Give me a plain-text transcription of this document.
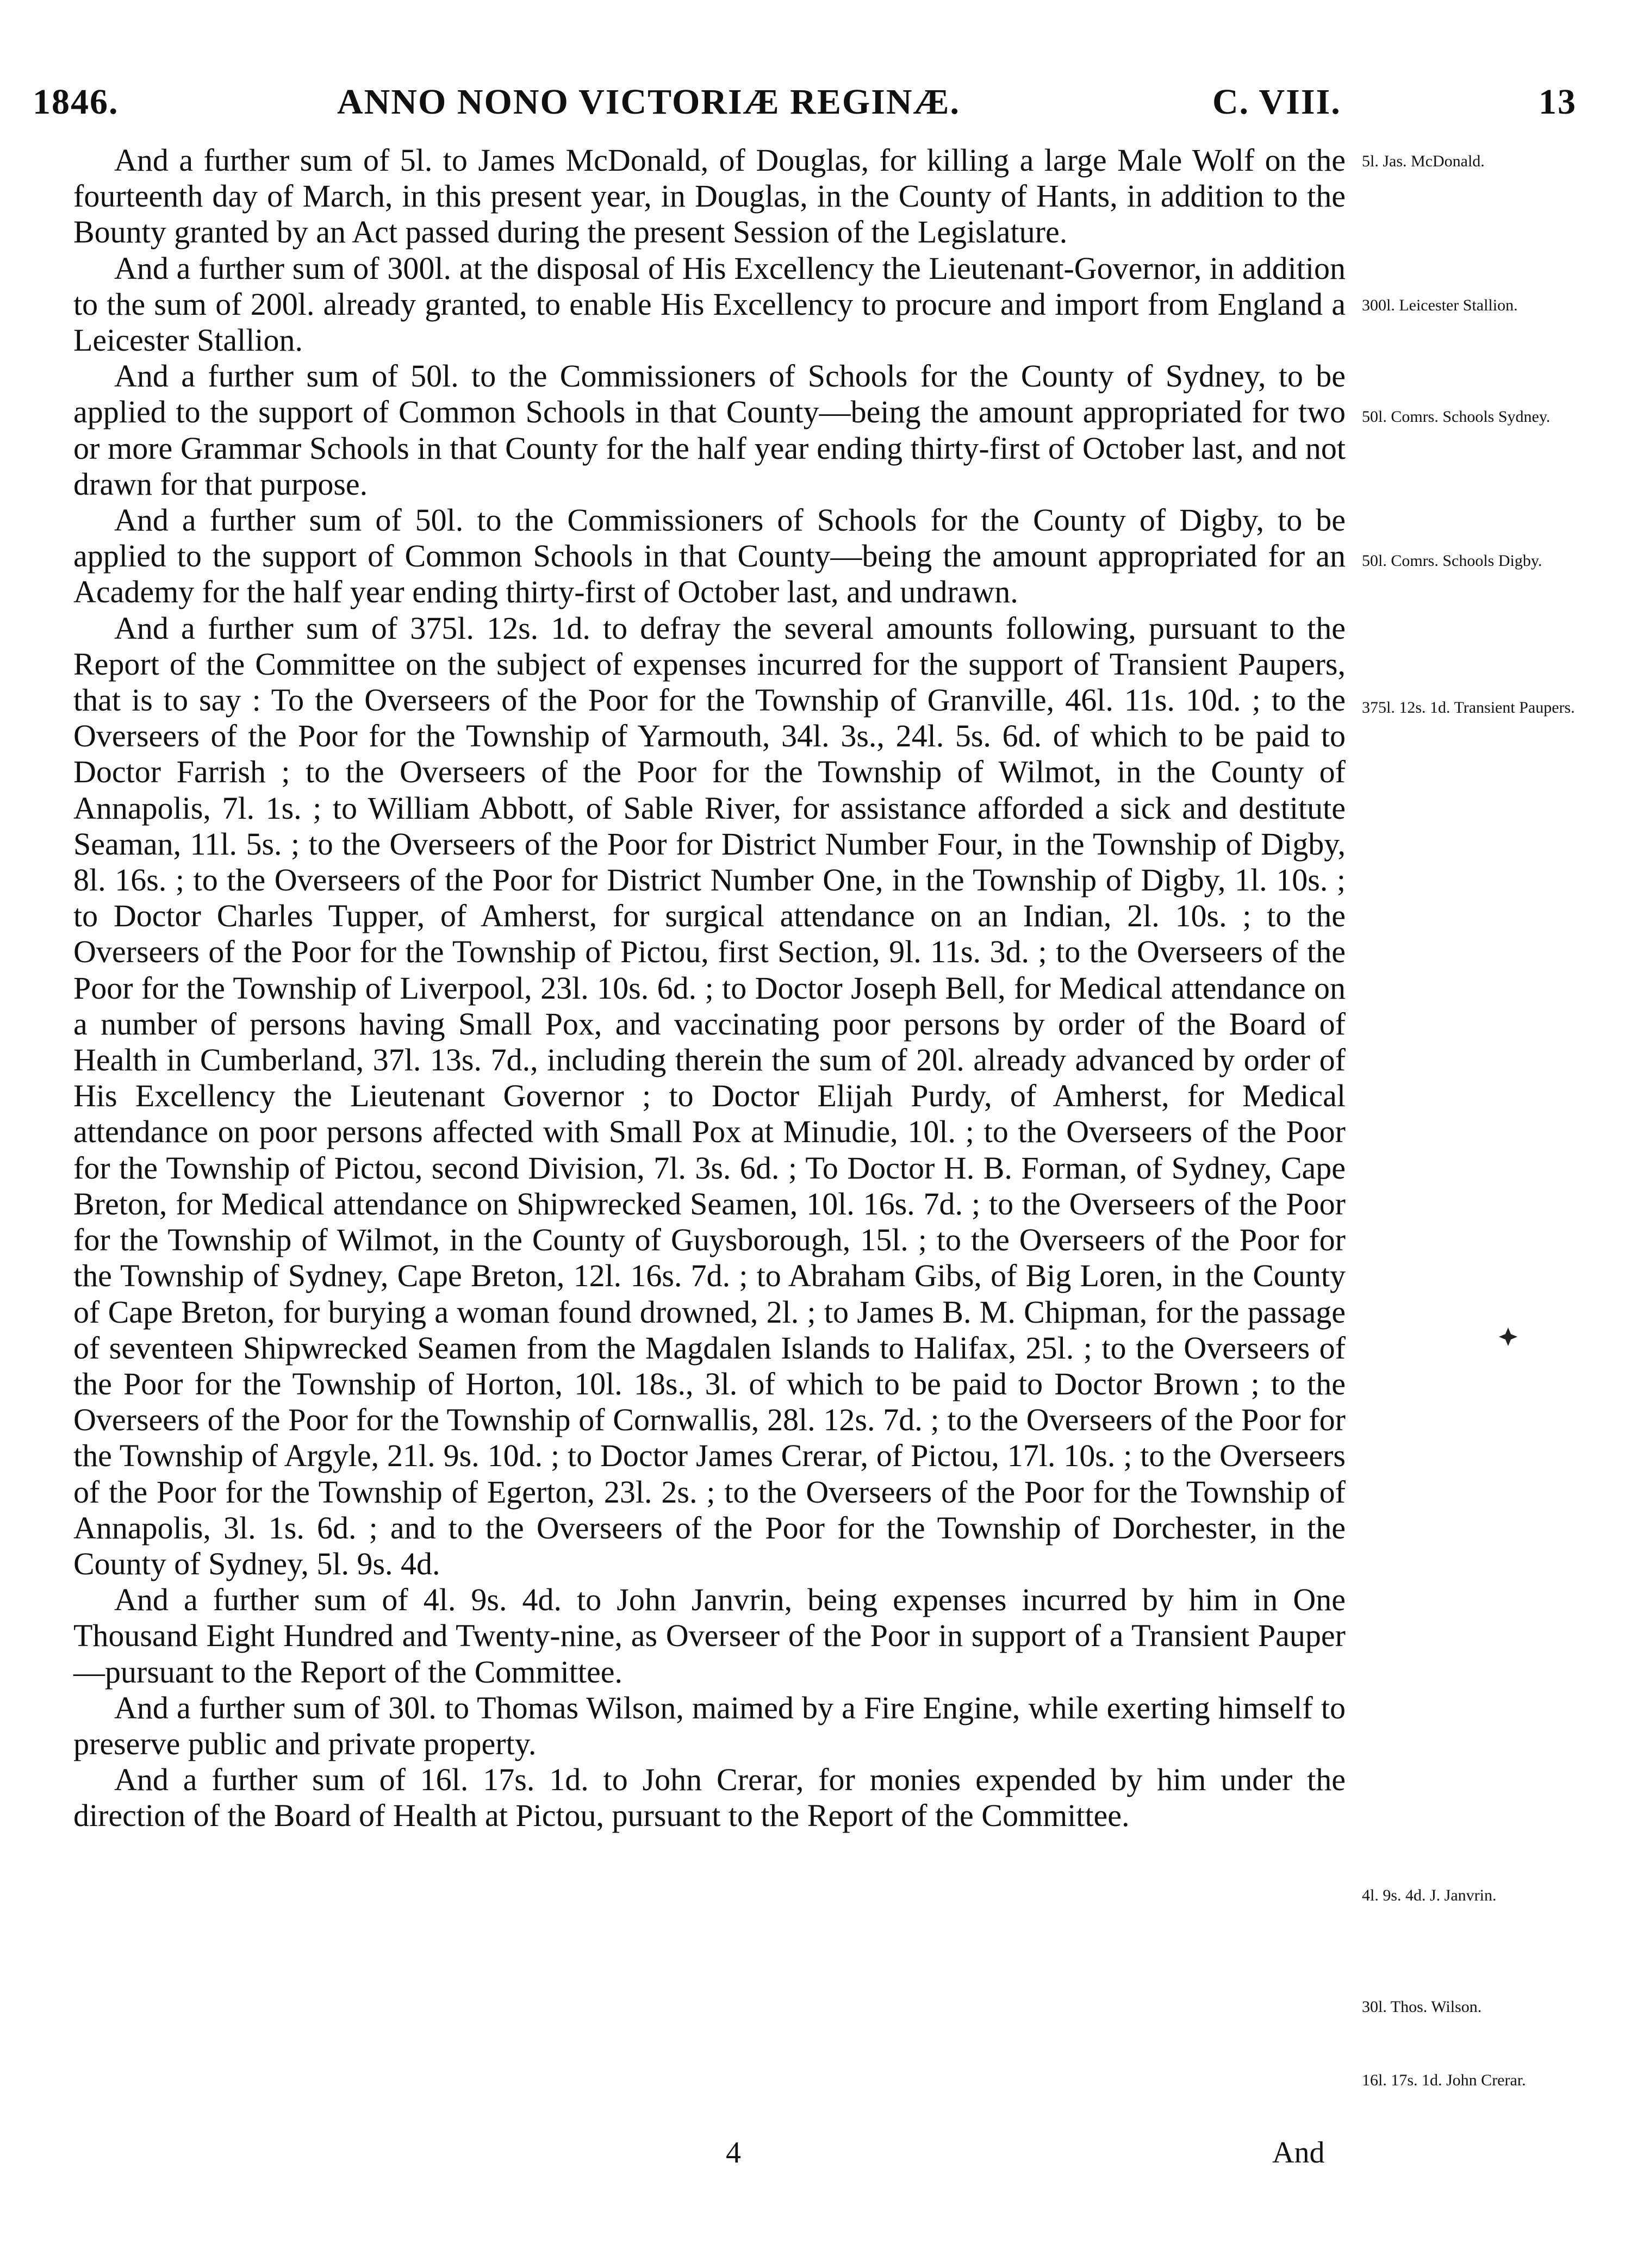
1846.	ANNO NONO VICTORIÆ REGINÆ.	C. VIII.	13

And a further sum of 5l. to James McDonald, of Douglas, for killing a large Male Wolf on the fourteenth day of March, in this present year, in Douglas, in the County of Hants, in addition to the Bounty granted by an Act passed during the present Session of the Legislature.

And a further sum of 300l. at the disposal of His Excellency the Lieutenant-Governor, in addition to the sum of 200l. already granted, to enable His Excellency to procure and import from England a Leicester Stallion.

And a further sum of 50l. to the Commissioners of Schools for the County of Sydney, to be applied to the support of Common Schools in that County—being the amount appropriated for two or more Grammar Schools in that County for the half year ending thirty-first of October last, and not drawn for that purpose.

And a further sum of 50l. to the Commissioners of Schools for the County of Digby, to be applied to the support of Common Schools in that County—being the amount appropriated for an Academy for the half year ending thirty-first of October last, and undrawn.

And a further sum of 375l. 12s. 1d. to defray the several amounts following, pursuant to the Report of the Committee on the subject of expenses incurred for the support of Transient Paupers, that is to say : To the Overseers of the Poor for the Township of Granville, 46l. 11s. 10d. ; to the Overseers of the Poor for the Township of Yarmouth, 34l. 3s., 24l. 5s. 6d. of which to be paid to Doctor Farrish ; to the Overseers of the Poor for the Township of Wilmot, in the County of Annapolis, 7l. 1s. ; to William Abbott, of Sable River, for assistance afforded a sick and destitute Seaman, 11l. 5s. ; to the Overseers of the Poor for District Number Four, in the Township of Digby, 8l. 16s. ; to the Overseers of the Poor for District Number One, in the Township of Digby, 1l. 10s. ; to Doctor Charles Tupper, of Amherst, for surgical attendance on an Indian, 2l. 10s. ; to the Overseers of the Poor for the Township of Pictou, first Section, 9l. 11s. 3d. ; to the Overseers of the Poor for the Township of Liverpool, 23l. 10s. 6d. ; to Doctor Joseph Bell, for Medical attendance on a number of persons having Small Pox, and vaccinating poor persons by order of the Board of Health in Cumberland, 37l. 13s. 7d., including therein the sum of 20l. already advanced by order of His Excellency the Lieutenant Governor ; to Doctor Elijah Purdy, of Amherst, for Medical attendance on poor persons affected with Small Pox at Minudie, 10l. ; to the Overseers of the Poor for the Township of Pictou, second Division, 7l. 3s. 6d. ; To Doctor H. B. Forman, of Sydney, Cape Breton, for Medical attendance on Shipwrecked Seamen, 10l. 16s. 7d. ; to the Overseers of the Poor for the Township of Wilmot, in the County of Guysborough, 15l. ; to the Overseers of the Poor for the Township of Sydney, Cape Breton, 12l. 16s. 7d. ; to Abraham Gibs, of Big Loren, in the County of Cape Breton, for burying a woman found drowned, 2l. ; to James B. M. Chipman, for the passage of seventeen Shipwrecked Seamen from the Magdalen Islands to Halifax, 25l. ; to the Overseers of the Poor for the Township of Horton, 10l. 18s., 3l. of which to be paid to Doctor Brown ; to the Overseers of the Poor for the Township of Cornwallis, 28l. 12s. 7d. ; to the Overseers of the Poor for the Township of Argyle, 21l. 9s. 10d. ; to Doctor James Crerar, of Pictou, 17l. 10s. ; to the Overseers of the Poor for the Township of Egerton, 23l. 2s. ; to the Overseers of the Poor for the Township of Annapolis, 3l. 1s. 6d. ; and to the Overseers of the Poor for the Township of Dorchester, in the County of Sydney, 5l. 9s. 4d.

And a further sum of 4l. 9s. 4d. to John Janvrin, being expenses incurred by him in One Thousand Eight Hundred and Twenty-nine, as Overseer of the Poor in support of a Transient Pauper—pursuant to the Report of the Committee.

And a further sum of 30l. to Thomas Wilson, maimed by a Fire Engine, while exerting himself to preserve public and private property.

And a further sum of 16l. 17s. 1d. to John Crerar, for monies expended by him under the direction of the Board of Health at Pictou, pursuant to the Report of the Committee.

5l. Jas. McDonald.
300l. Leicester Stallion.
50l. Comrs. Schools Sydney.
50l. Comrs. Schools Digby.
375l. 12s. 1d. Transient Paupers.
4l. 9s. 4d. J. Janvrin.
30l. Thos. Wilson.
16l. 17s. 1d. John Crerar.
4	And
